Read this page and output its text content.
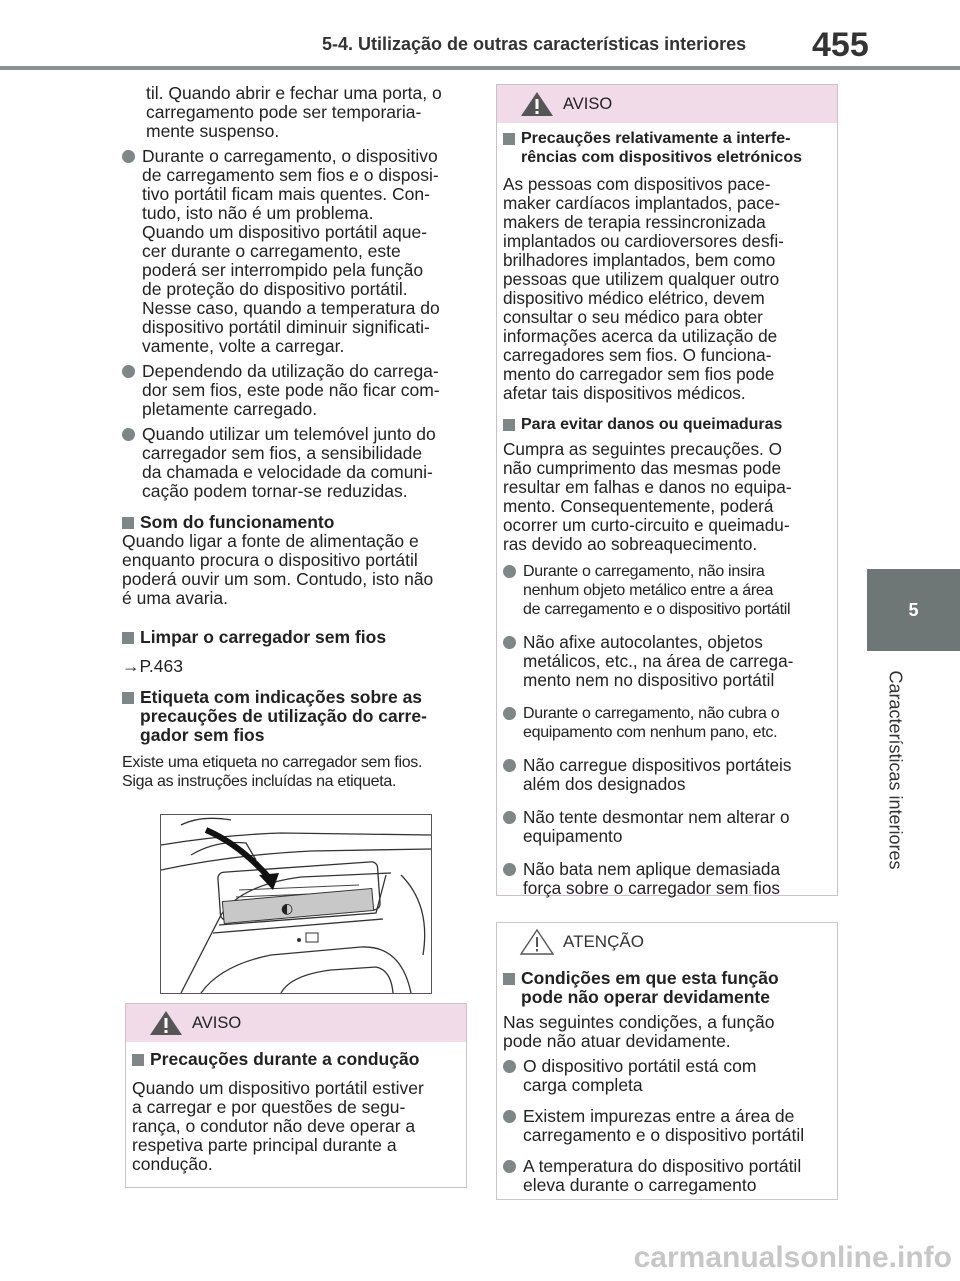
5-4. Utilização de outras características interiores 455
5
Características interiores

til. Quando abrir e fechar uma porta, o

carregamento pode ser temporaria-

mente suspenso.

Durante o carregamento, o dispositivo

de carregamento sem fios e o disposi-

tivo portátil ficam mais quentes. Con-

tudo, isto não é um problema.

Quando um dispositivo portátil aque-

cer durante o carregamento, este

poderá ser interrompido pela função

de proteção do dispositivo portátil.

Nesse caso, quando a temperatura do

dispositivo portátil diminuir significati-

vamente, volte a carregar.

Dependendo da utilização do carrega-

dor sem fios, este pode não ficar com-

pletamente carregado.

Quando utilizar um telemóvel junto do

carregador sem fios, a sensibilidade

da chamada e velocidade da comuni-

cação podem tornar-se reduzidas.

Som do funcionamento

Quando ligar a fonte de alimentação e

enquanto procura o dispositivo portátil

poderá ouvir um som. Contudo, isto não

é uma avaria.

Limpar o carregador sem fios

→P.463

Etiqueta com indicações sobre as

precauções de utilização do carre-

gador sem fios

Existe uma etiqueta no carregador sem fios.

Siga as instruções incluídas na etiqueta.

◐
AVISO
Precauções durante a condução

Quando um dispositivo portátil estiver

a carregar e por questões de segu-

rança, o condutor não deve operar a

respetiva parte principal durante a

condução.

AVISO

Precauções relativamente a interfe-

rências com dispositivos eletrónicos

As pessoas com dispositivos pace-

maker cardíacos implantados, pace-

makers de terapia ressincronizada

implantados ou cardioversores desfi-

brilhadores implantados, bem como

pessoas que utilizem qualquer outro

dispositivo médico elétrico, devem

consultar o seu médico para obter

informações acerca da utilização de

carregadores sem fios. O funciona-

mento do carregador sem fios pode

afetar tais dispositivos médicos.

Para evitar danos ou queimaduras

Cumpra as seguintes precauções. O

não cumprimento das mesmas pode

resultar em falhas e danos no equipa-

mento. Consequentemente, poderá

ocorrer um curto-circuito e queimadu-

ras devido ao sobreaquecimento.

Durante o carregamento, não insira

nenhum objeto metálico entre a área

de carregamento e o dispositivo portátil

Não afixe autocolantes, objetos

metálicos, etc., na área de carrega-

mento nem no dispositivo portátil

Durante o carregamento, não cubra o

equipamento com nenhum pano, etc.

Não carregue dispositivos portáteis

além dos designados

Não tente desmontar nem alterar o

equipamento

Não bata nem aplique demasiada

força sobre o carregador sem fios

ATENÇÃO

Condições em que esta função

pode não operar devidamente

Nas seguintes condições, a função

pode não atuar devidamente.

O dispositivo portátil está com

carga completa

Existem impurezas entre a área de

carregamento e o dispositivo portátil

A temperatura do dispositivo portátil

eleva durante o carregamento

carmanualsonline.info
